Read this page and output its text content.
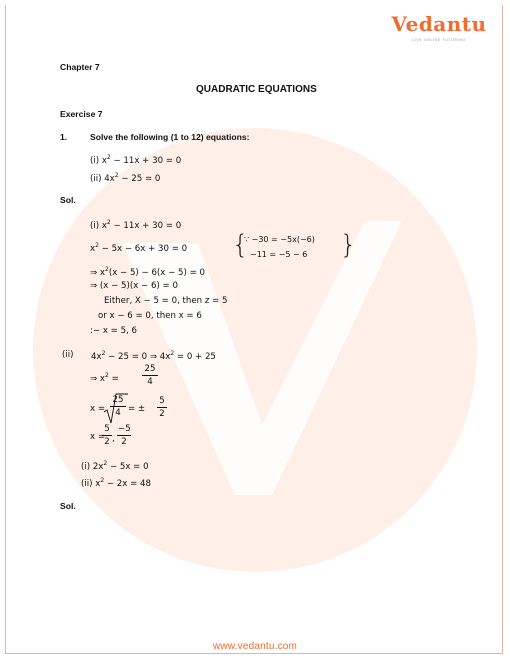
Vedantu
LIVE ONLINE TUTORING
Chapter 7
QUADRATIC EQUATIONS
Exercise 7
1.	Solve the following (1 to 12) equations:
(i) $x^2 - 11x + 30 = 0$
(ii) $4x^2 - 25 = 0$
Sol.
(i) $x^2 - 11x + 30 = 0$
$x^2 - 5x - 6x + 30 = 0$ {
∵ −30 = −5x(−6)
−11 = −5 − 6 }
⇒ $x^2(x - 5) - 6(x - 5) = 0$
⇒ (x − 5)(x − 6) = 0
Either, X − 5 = 0, then z = 5
or x − 6 = 0, then x = 6
:− x = 5, 6
(ii) $4x^2 - 25 = 0$ ⇒ $4x^2 = 0 + 25$
⇒ $x^2$ =	$\frac{25}{4}$
$x = \frac{25}{4}$ = ± $\frac{5}{2}$
x =
$\frac{5}{2}$ , $\frac{-5}{2}$
(i) $2x^2 - 5x = 0$
(ii) $x^2 - 2x = 48$
Sol.
www.vedantu.com
